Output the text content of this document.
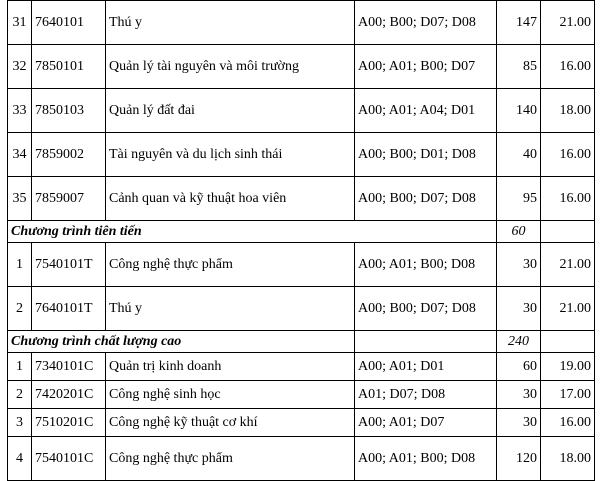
31	7640101	Thú y	A00; B00; D07; D08	147	21.00
32	7850101	Quản lý tài nguyên và môi trường	A00; A01; B00; D07	85	16.00
33	7850103	Quản lý đất đai	A00; A01; A04; D01	140	18.00
34	7859002	Tài nguyên và du lịch sinh thái	A00; B00; D01; D08	40	16.00
35	7859007	Cảnh quan và kỹ thuật hoa viên	A00; B00; D07; D08	95	16.00
Chương trình tiên tiến				60	
1	7540101T	Công nghệ thực phẩm	A00; A01; B00; D08	30	21.00
2	7640101T	Thú y	A00; B00; D07; D08	30	21.00
Chương trình chất lượng cao				240	
1	7340101C	Quản trị kinh doanh	A00; A01; D01	60	19.00
2	7420201C	Công nghệ sinh học	A01; D07; D08	30	17.00
3	7510201C	Công nghệ kỹ thuật cơ khí	A00; A01; D07	30	16.00
4	7540101C	Công nghệ thực phẩm	A00; A01; B00; D08	120	18.00
